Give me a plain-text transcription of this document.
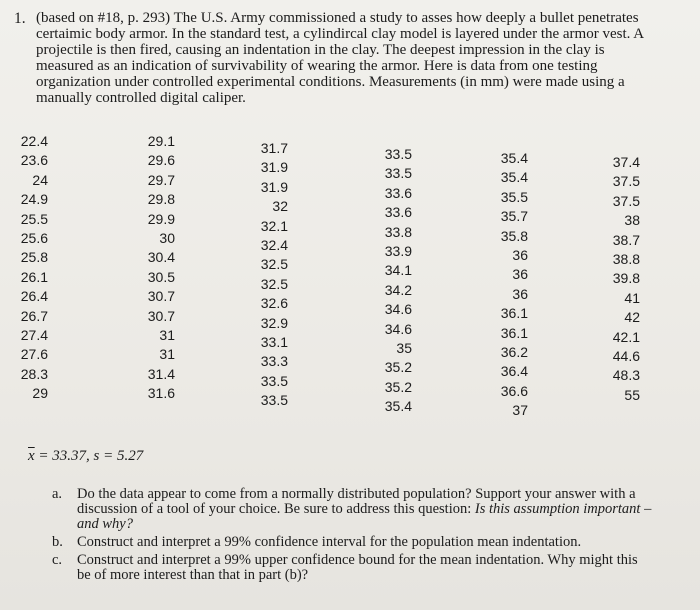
1. (based on #18, p. 293) The U.S. Army commissioned a study to asses how deeply a bullet penetrates certaimic body armor. In the standard test, a cylindircal clay model is layered under the armor vest. A projectile is then fired, causing an indentation in the clay. The deepest impression in the clay is measured as an indication of survivability of wearing the armor. Here is data from one testing organization under controlled experimental conditions. Measurements (in mm) were made using a manually controlled digital caliper.

22.4
23.6
24
24.9
25.5
25.6
25.8
26.1
26.4
26.7
27.4
27.6
28.3
29
29.1
29.6
29.7
29.8
29.9
30
30.4
30.5
30.7
30.7
31
31
31.4
31.6
31.7
31.9
31.9
32
32.1
32.4
32.5
32.5
32.6
32.9
33.1
33.3
33.5
33.5
33.5
33.5
33.6
33.6
33.8
33.9
34.1
34.2
34.6
34.6
35
35.2
35.2
35.4
35.4
35.4
35.5
35.7
35.8
36
36
36
36.1
36.1
36.2
36.4
36.6
37
37.4
37.5
37.5
38
38.7
38.8
39.8
41
42
42.1
44.6
48.3
55
$\overline{x} = 33.37$, s = 5.27
a. Do the data appear to come from a normally distributed population? Support your answer with a discussion of a tool of your choice. Be sure to address this question: Is this assumption important – and why?
b. Construct and interpret a 99% confidence interval for the population mean indentation.
c. Construct and interpret a 99% upper confidence bound for the mean indentation. Why might this be of more interest than that in part (b)?
